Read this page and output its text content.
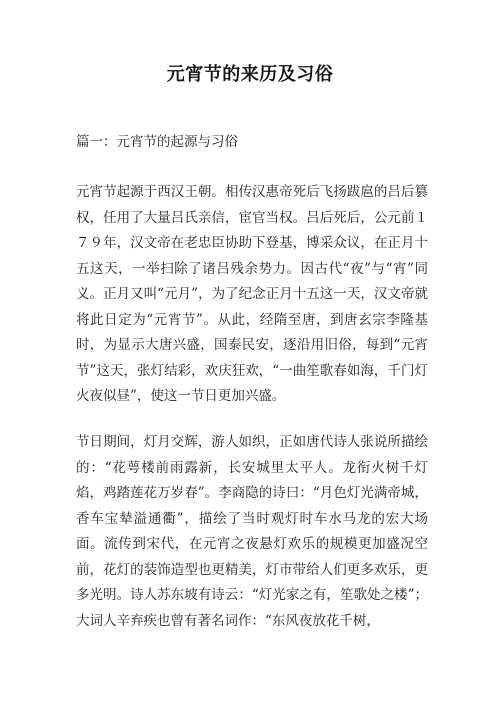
元宵节的来历及习俗
篇一：元宵节的起源与习俗

元宵节起源于西汉王朝。相传汉惠帝死后飞扬跋扈的吕后篡权，任用了大量吕氏亲信，宦官当权。吕后死后，公元前１７９年，汉文帝在老忠臣协助下登基，博采众议，在正月十五这天，一举扫除了诸吕残余势力。因古代“夜”与“宵”同义。正月又叫“元月”，为了纪念正月十五这一天，汉文帝就将此日定为“元宵节”。从此，经隋至唐，到唐玄宗李隆基时，为显示大唐兴盛，国泰民安，逐沿用旧俗，每到“元宵节”这天，张灯结彩，欢庆狂欢，“一曲笙歌春如海，千门灯火夜似昼”，使这一节日更加兴盛。

节日期间，灯月交辉，游人如织，正如唐代诗人张说所描绘的：“花萼楼前雨露新，长安城里太平人。龙衔火树千灯焰，鸡踏莲花万岁春”。李商隐的诗曰：“月色灯光满帝城，香车宝辇溢通衢”，描绘了当时观灯时车水马龙的宏大场面。流传到宋代，在元宵之夜悬灯欢乐的规模更加盛况空前，花灯的装饰造型也更精美，灯市带给人们更多欢乐，更多光明。诗人苏东坡有诗云：“灯光家之有，笙歌处之楼”；大词人辛弃疾也曾有著名词作：“东风夜放花千树，
